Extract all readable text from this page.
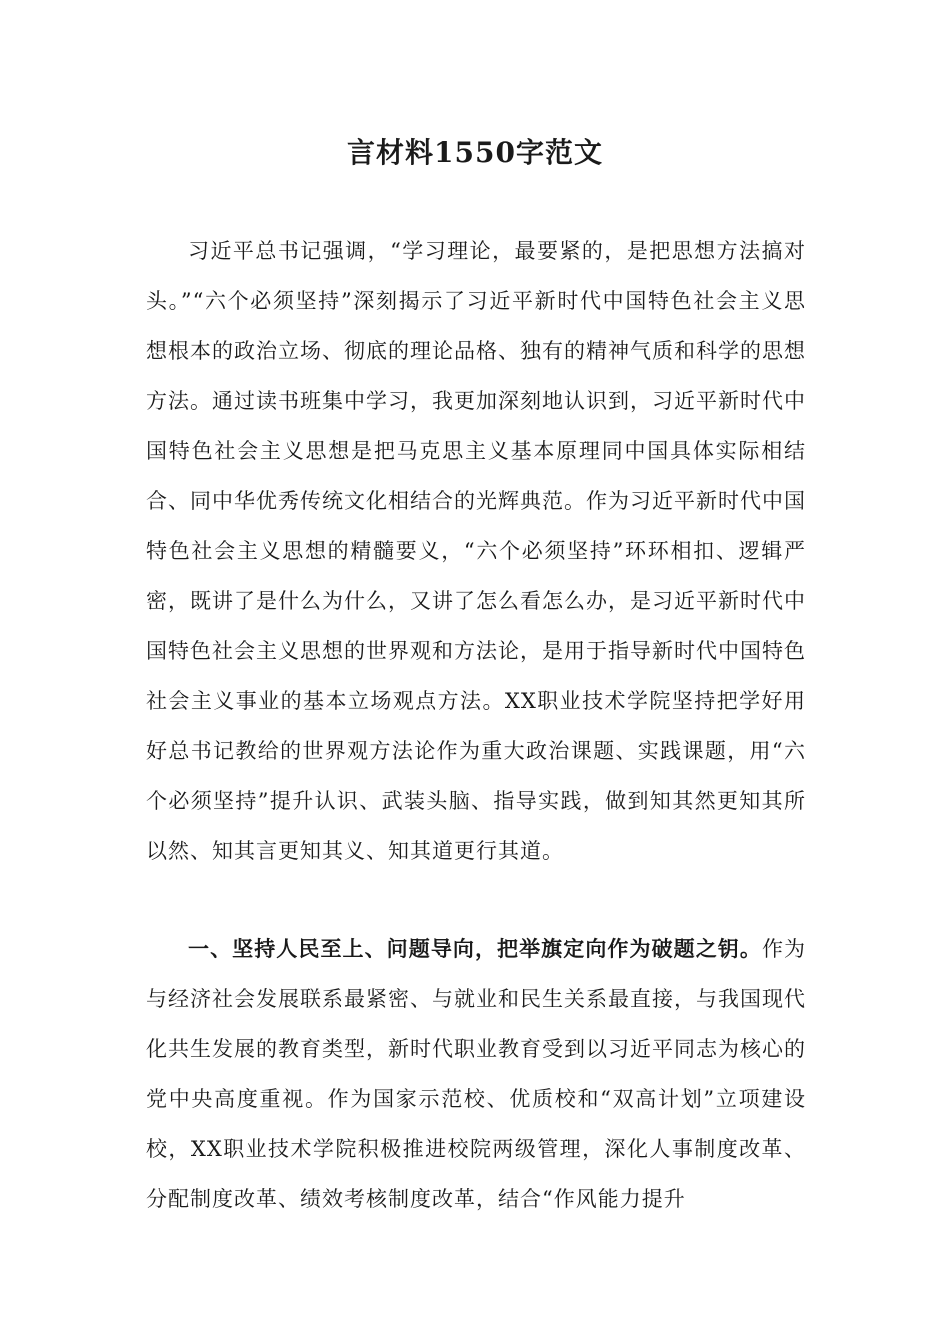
言材料1550字范文

习近平总书记强调，“学习理论，最要紧的，是把思想方法搞对头。”“六个必须坚持”深刻揭示了习近平新时代中国特色社会主义思想根本的政治立场、彻底的理论品格、独有的精神气质和科学的思想方法。通过读书班集中学习，我更加深刻地认识到，习近平新时代中国特色社会主义思想是把马克思主义基本原理同中国具体实际相结合、同中华优秀传统文化相结合的光辉典范。作为习近平新时代中国特色社会主义思想的精髓要义，“六个必须坚持”环环相扣、逻辑严密，既讲了是什么为什么，又讲了怎么看怎么办，是习近平新时代中国特色社会主义思想的世界观和方法论，是用于指导新时代中国特色社会主义事业的基本立场观点方法。XX职业技术学院坚持把学好用好总书记教给的世界观方法论作为重大政治课题、实践课题，用“六个必须坚持”提升认识、武装头脑、指导实践，做到知其然更知其所以然、知其言更知其义、知其道更行其道。

一、坚持人民至上、问题导向，把举旗定向作为破题之钥。作为与经济社会发展联系最紧密、与就业和民生关系最直接，与我国现代化共生发展的教育类型，新时代职业教育受到以习近平同志为核心的党中央高度重视。作为国家示范校、优质校和“双高计划”立项建设校，XX职业技术学院积极推进校院两级管理，深化人事制度改革、分配制度改革、绩效考核制度改革，结合“作风能力提升
